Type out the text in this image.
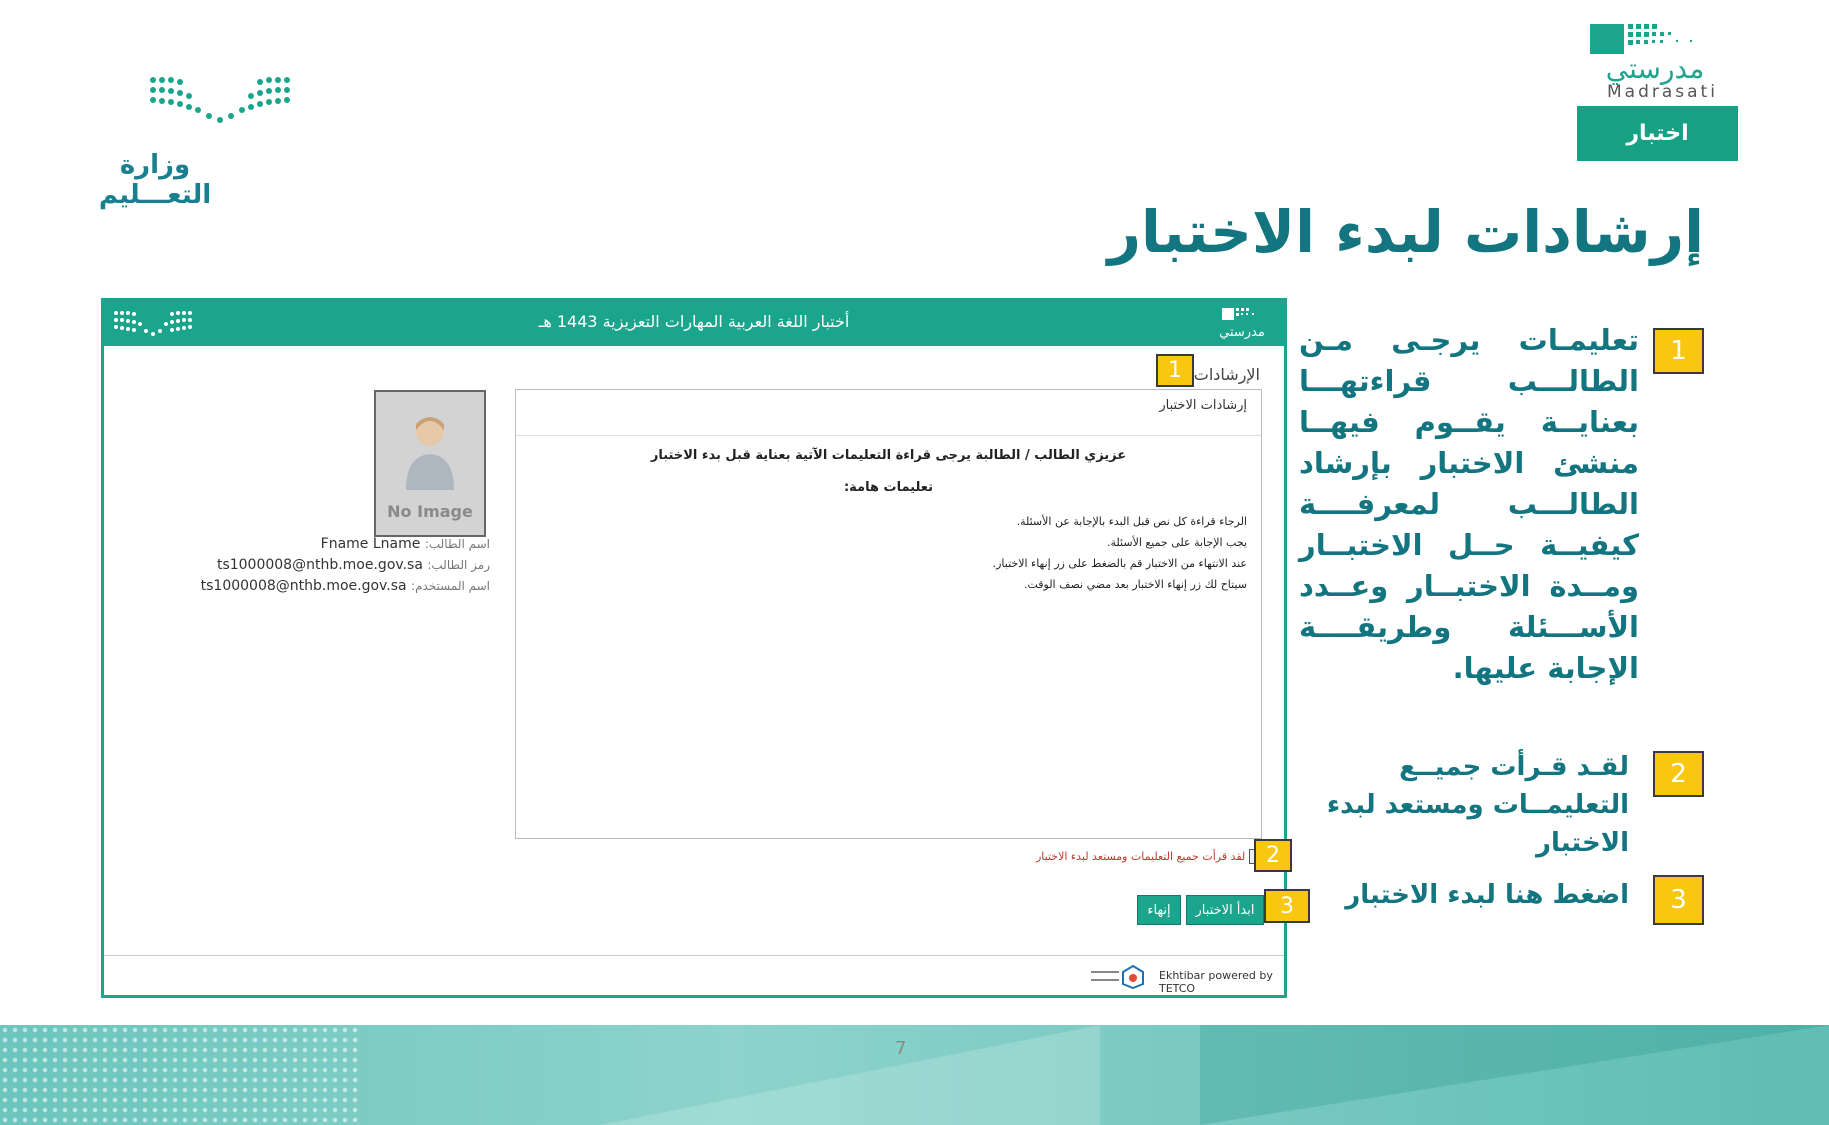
وزارة التعـــليم
مدرستي
Madrasati
اختبار
إرشادات لبدء الاختبار
أختبار اللغة العربية المهارات التعزيزية 1443 هـ
مدرستي
الإرشادات
إرشادات الاختبار
عزيزي الطالب / الطالبة يرجى قراءة التعليمات الآتية بعناية قبل بدء الاختبار
تعليمات هامة:
الرجاء قراءة كل نص قبل البدء بالإجابة عن الأسئلة.
يجب الإجابة على جميع الأسئلة.
عند الانتهاء من الاختبار قم بالضغط على زر إنهاء الاختبار.
سيتاح لك زر إنهاء الاختبار بعد مضي نصف الوقت.
No Image
اسم الطالب: Fname Lname
رمز الطالب: ts1000008@nthb.moe.gov.sa
اسم المستخدم: ts1000008@nthb.moe.gov.sa
لقد قرأت جميع التعليمات ومستعد لبدء الاختبار
ابدأ الاختبار
إنهاء
Ekhtibar powered by TETCO
1
2
3
1
تعليمـات يرجـى مـن الطالـــب قراءتهـــا بعنايــة يقــوم فيهــا منشئ الاختبار بإرشاد الطالـــب لمعرفــــة كيفيــة حــل الاختبــار ومــدة الاختبــار وعــدد الأســـئلة وطريقــــة الإجابة عليها.
2
لقـد قـرأت جميــع التعليمــات ومستعد لبدء الاختبار
3
اضغط هنا لبدء الاختبار
7
